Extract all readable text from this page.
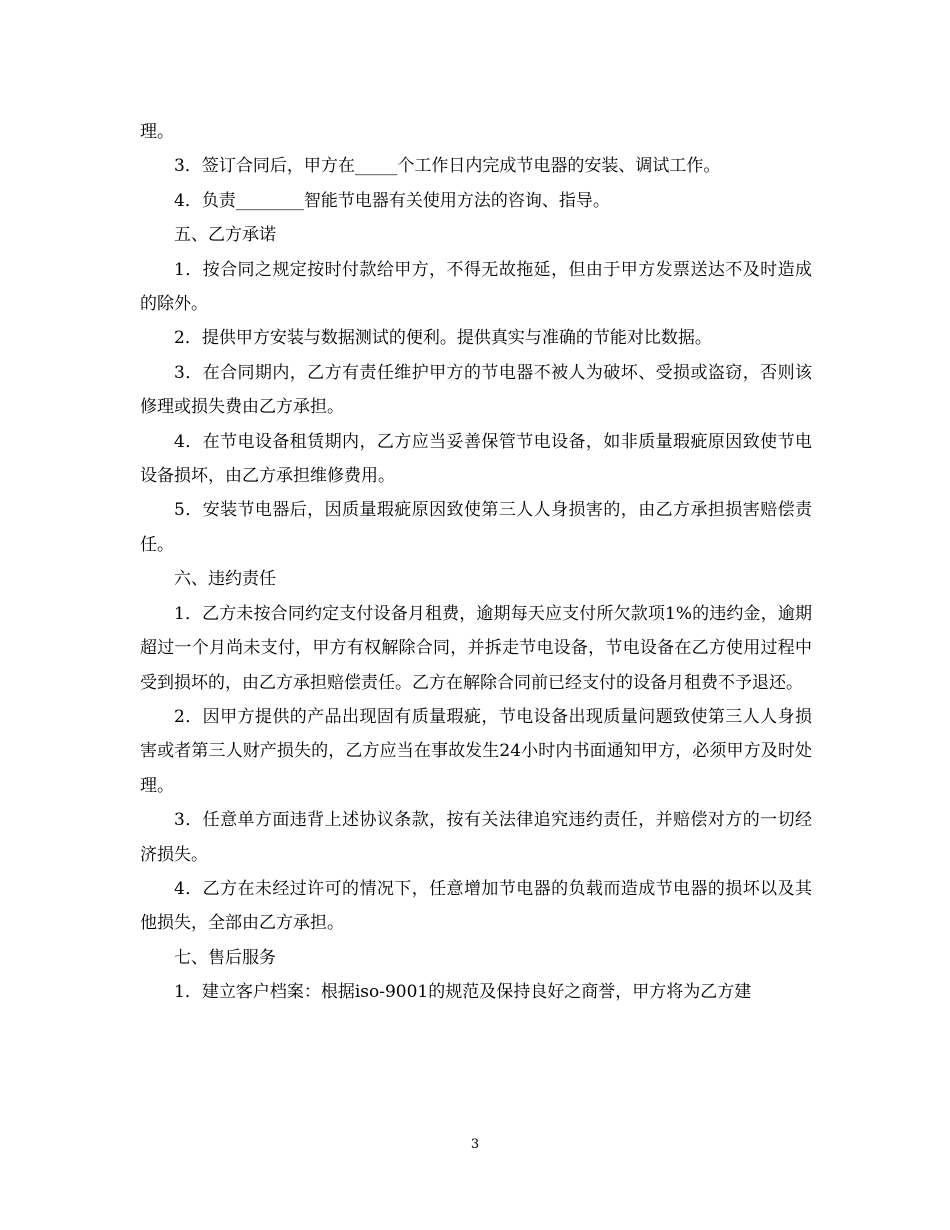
理。

3．签订合同后，甲方在_____个工作日内完成节电器的安装、调试工作。

4．负责________智能节电器有关使用方法的咨询、指导。

五、乙方承诺

1．按合同之规定按时付款给甲方，不得无故拖延，但由于甲方发票送达不及时造成的除外。

2．提供甲方安装与数据测试的便利。提供真实与准确的节能对比数据。

3．在合同期内，乙方有责任维护甲方的节电器不被人为破坏、受损或盗窃，否则该修理或损失费由乙方承担。

4．在节电设备租赁期内，乙方应当妥善保管节电设备，如非质量瑕疵原因致使节电设备损坏，由乙方承担维修费用。

5．安装节电器后，因质量瑕疵原因致使第三人人身损害的，由乙方承担损害赔偿责任。

六、违约责任

1．乙方未按合同约定支付设备月租费，逾期每天应支付所欠款项1%的违约金，逾期超过一个月尚未支付，甲方有权解除合同，并拆走节电设备，节电设备在乙方使用过程中受到损坏的，由乙方承担赔偿责任。乙方在解除合同前已经支付的设备月租费不予退还。

2．因甲方提供的产品出现固有质量瑕疵，节电设备出现质量问题致使第三人人身损害或者第三人财产损失的，乙方应当在事故发生24小时内书面通知甲方，必须甲方及时处理。

3．任意单方面违背上述协议条款，按有关法律追究违约责任，并赔偿对方的一切经济损失。

4．乙方在未经过许可的情况下，任意增加节电器的负载而造成节电器的损坏以及其他损失，全部由乙方承担。

七、售后服务

1．建立客户档案：根据iso-9001的规范及保持良好之商誉，甲方将为乙方建

3
